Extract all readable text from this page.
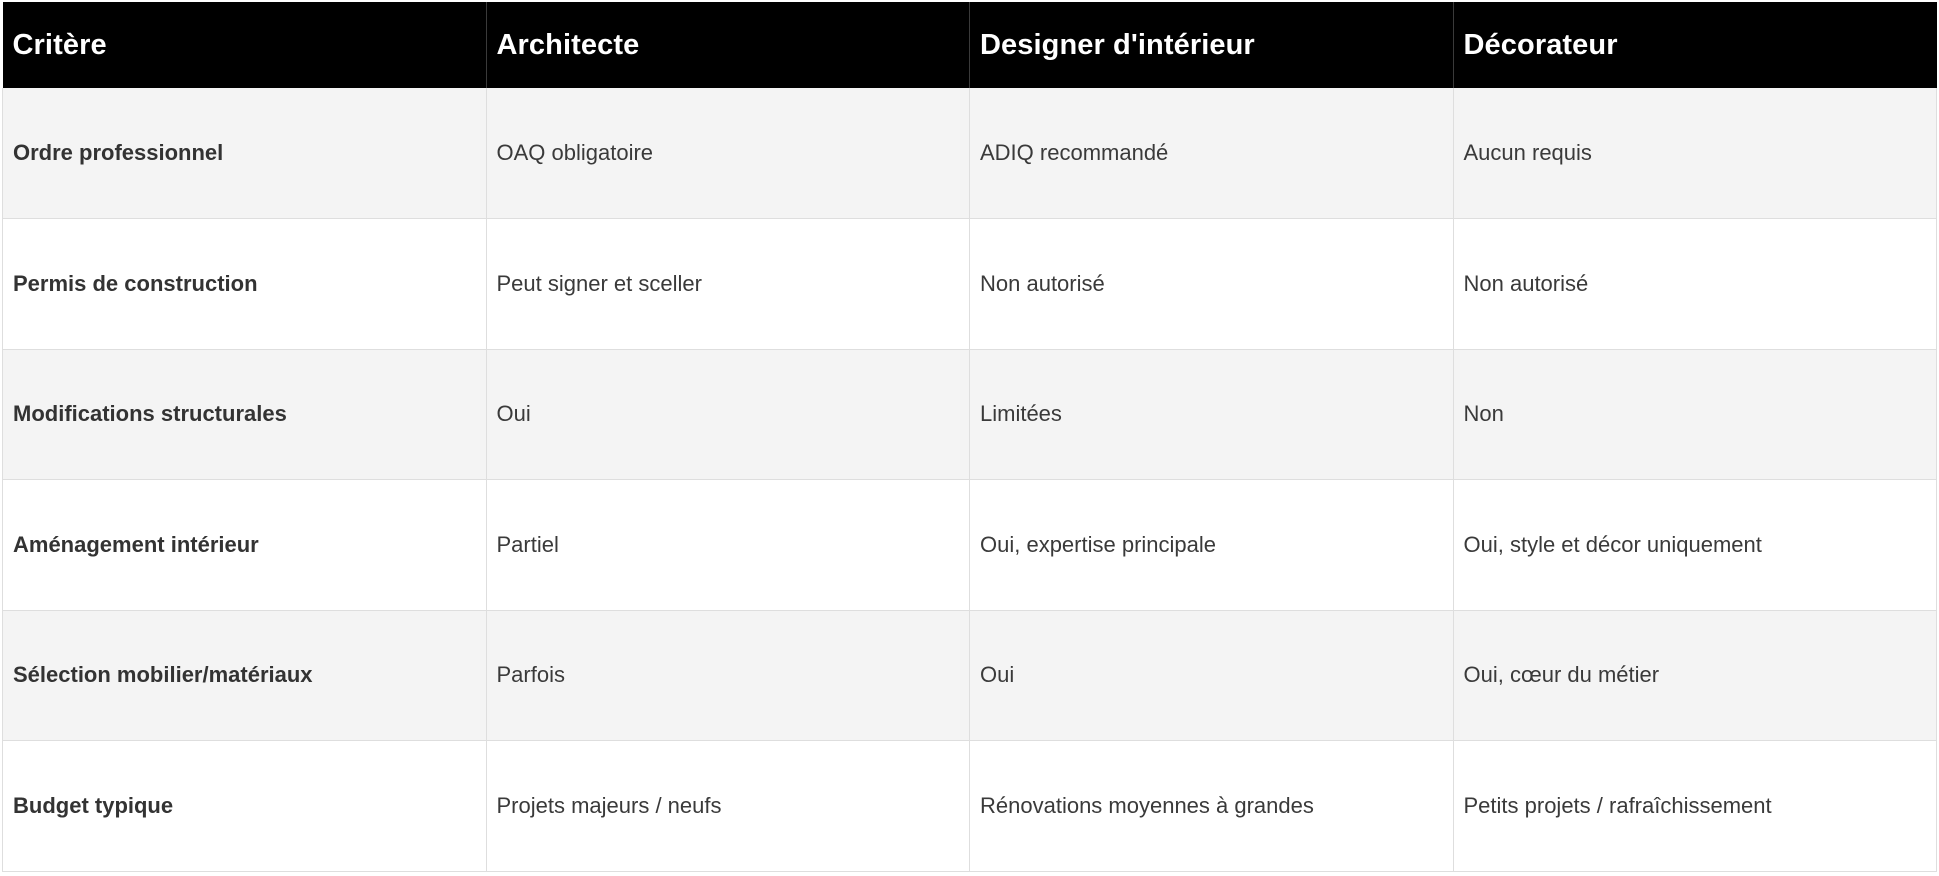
Critère	Architecte	Designer d'intérieur	Décorateur
Ordre professionnel	OAQ obligatoire	ADIQ recommandé	Aucun requis
Permis de construction	Peut signer et sceller	Non autorisé	Non autorisé
Modifications structurales	Oui	Limitées	Non
Aménagement intérieur	Partiel	Oui, expertise principale	Oui, style et décor uniquement
Sélection mobilier/matériaux	Parfois	Oui	Oui, cœur du métier
Budget typique	Projets majeurs / neufs	Rénovations moyennes à grandes	Petits projets / rafraîchissement
